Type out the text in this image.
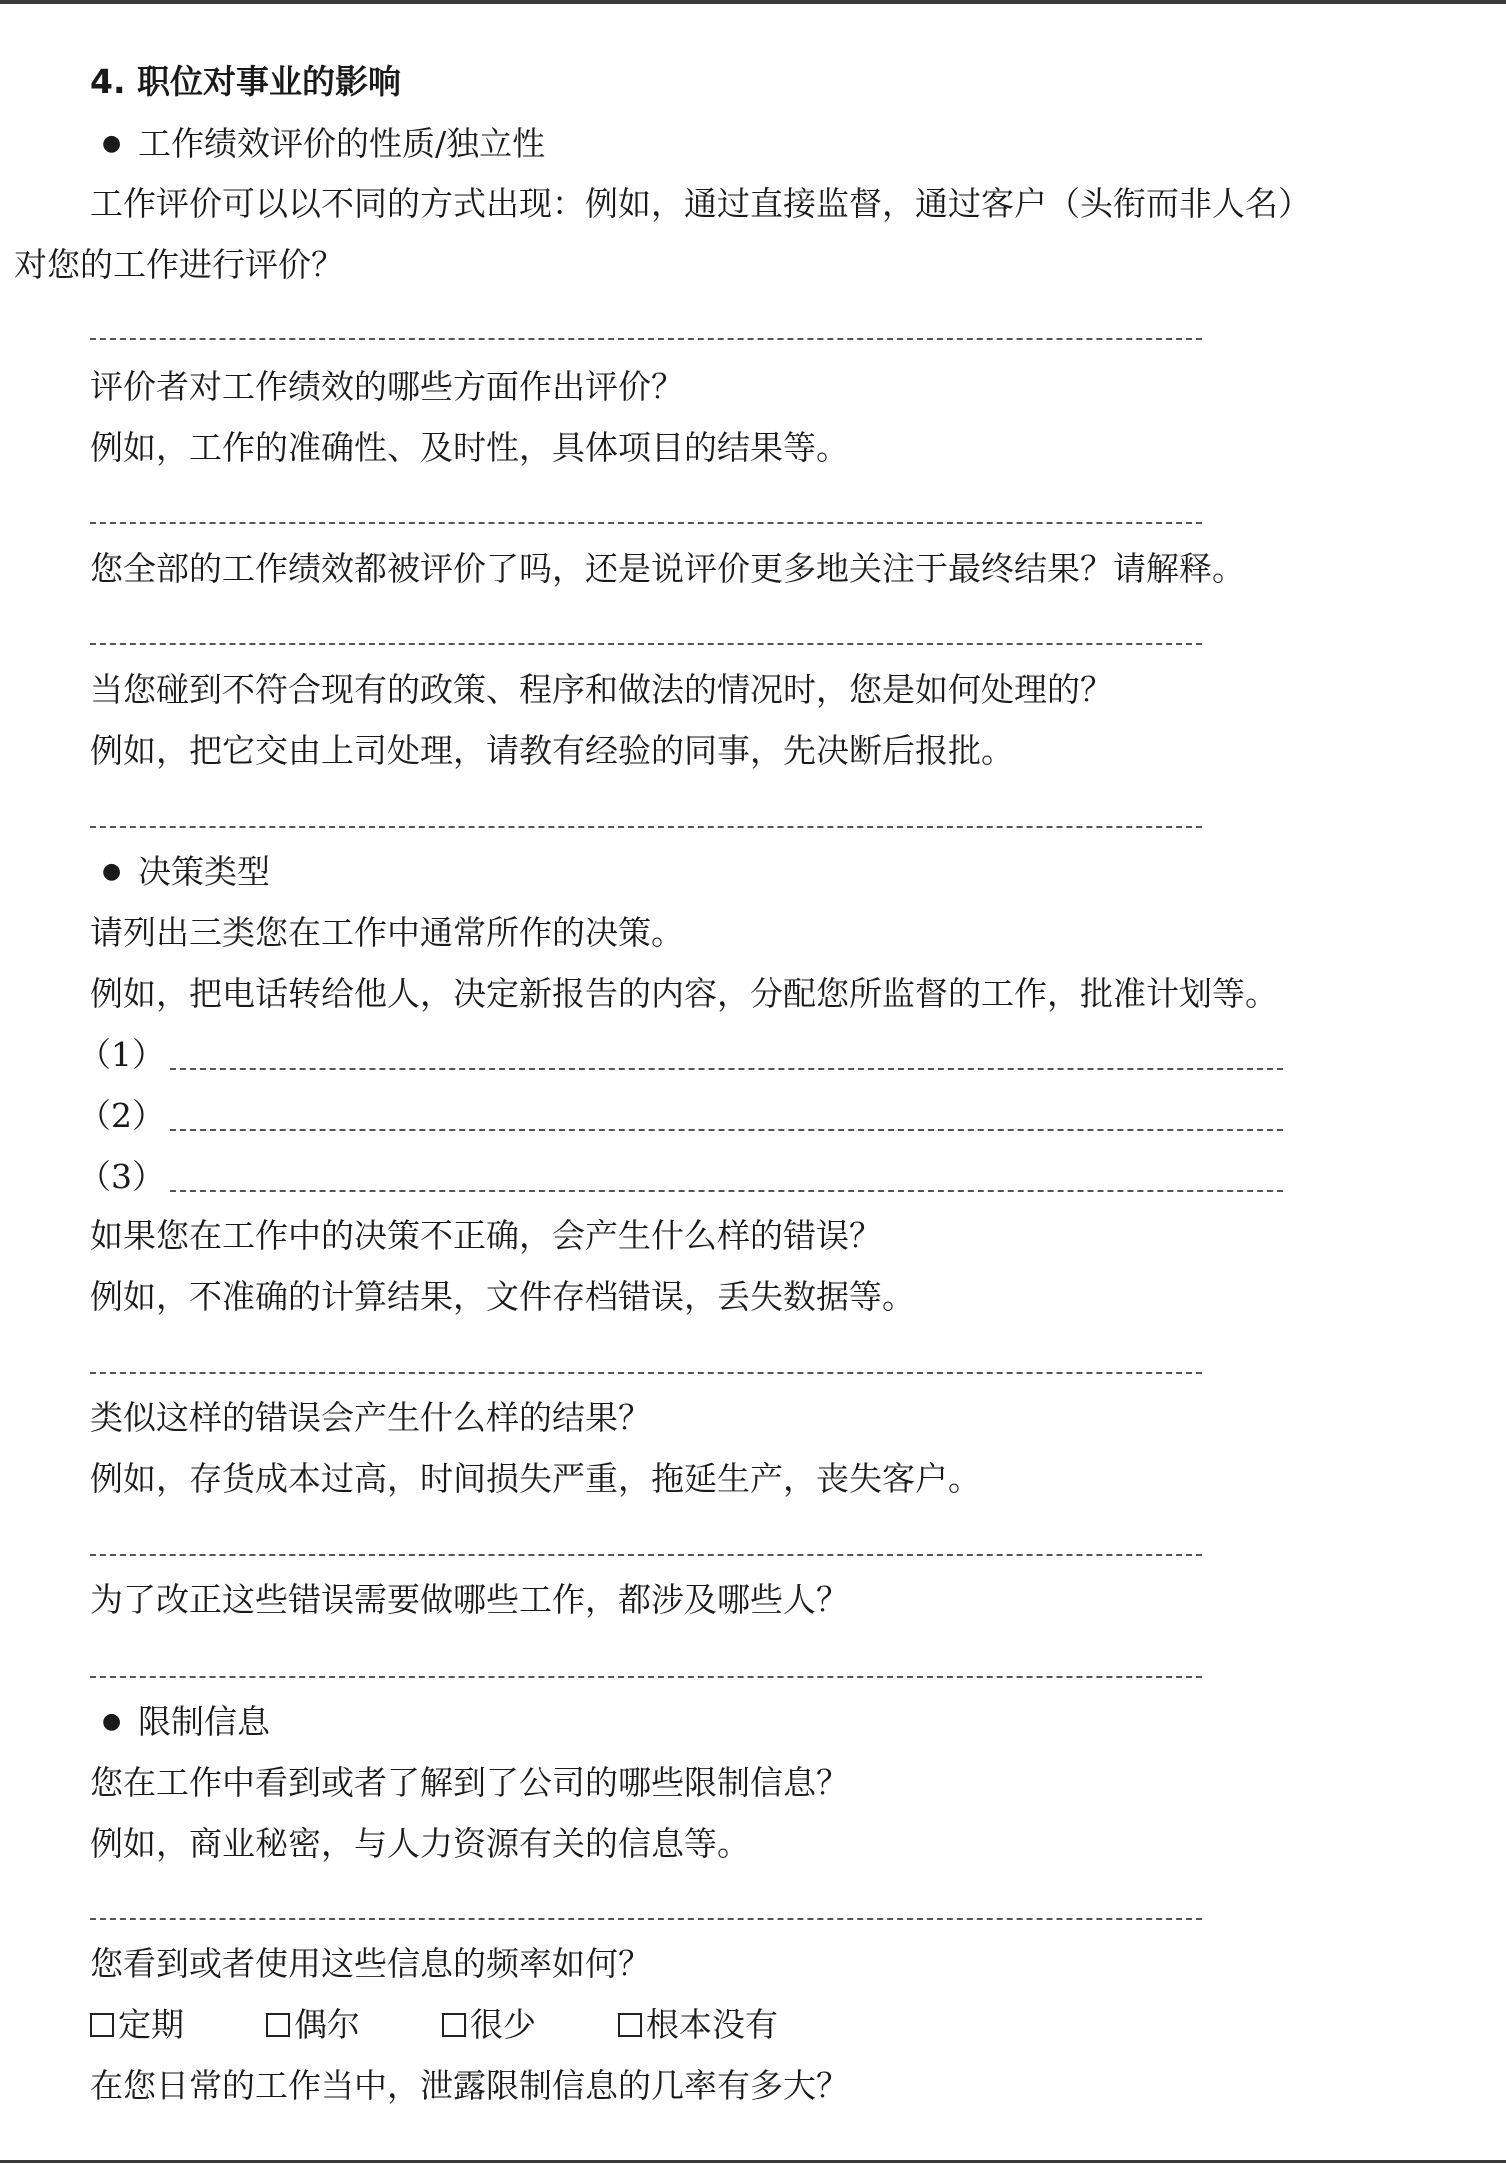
4. 职位对事业的影响
● 工作绩效评价的性质/独立性
工作评价可以以不同的方式出现：例如，通过直接监督，通过客户（头衔而非人名）
对您的工作进行评价？
评价者对工作绩效的哪些方面作出评价？
例如，工作的准确性、及时性，具体项目的结果等。
您全部的工作绩效都被评价了吗，还是说评价更多地关注于最终结果？请解释。
当您碰到不符合现有的政策、程序和做法的情况时，您是如何处理的？
例如，把它交由上司处理，请教有经验的同事，先决断后报批。
● 决策类型
请列出三类您在工作中通常所作的决策。
例如，把电话转给他人，决定新报告的内容，分配您所监督的工作，批准计划等。
（1）
（2）
（3）
如果您在工作中的决策不正确，会产生什么样的错误？
例如，不准确的计算结果，文件存档错误，丢失数据等。
类似这样的错误会产生什么样的结果？
例如，存货成本过高，时间损失严重，拖延生产，丧失客户。
为了改正这些错误需要做哪些工作，都涉及哪些人？
● 限制信息
您在工作中看到或者了解到了公司的哪些限制信息？
例如，商业秘密，与人力资源有关的信息等。
您看到或者使用这些信息的频率如何？
定期	偶尔	很少	根本没有
在您日常的工作当中，泄露限制信息的几率有多大？
